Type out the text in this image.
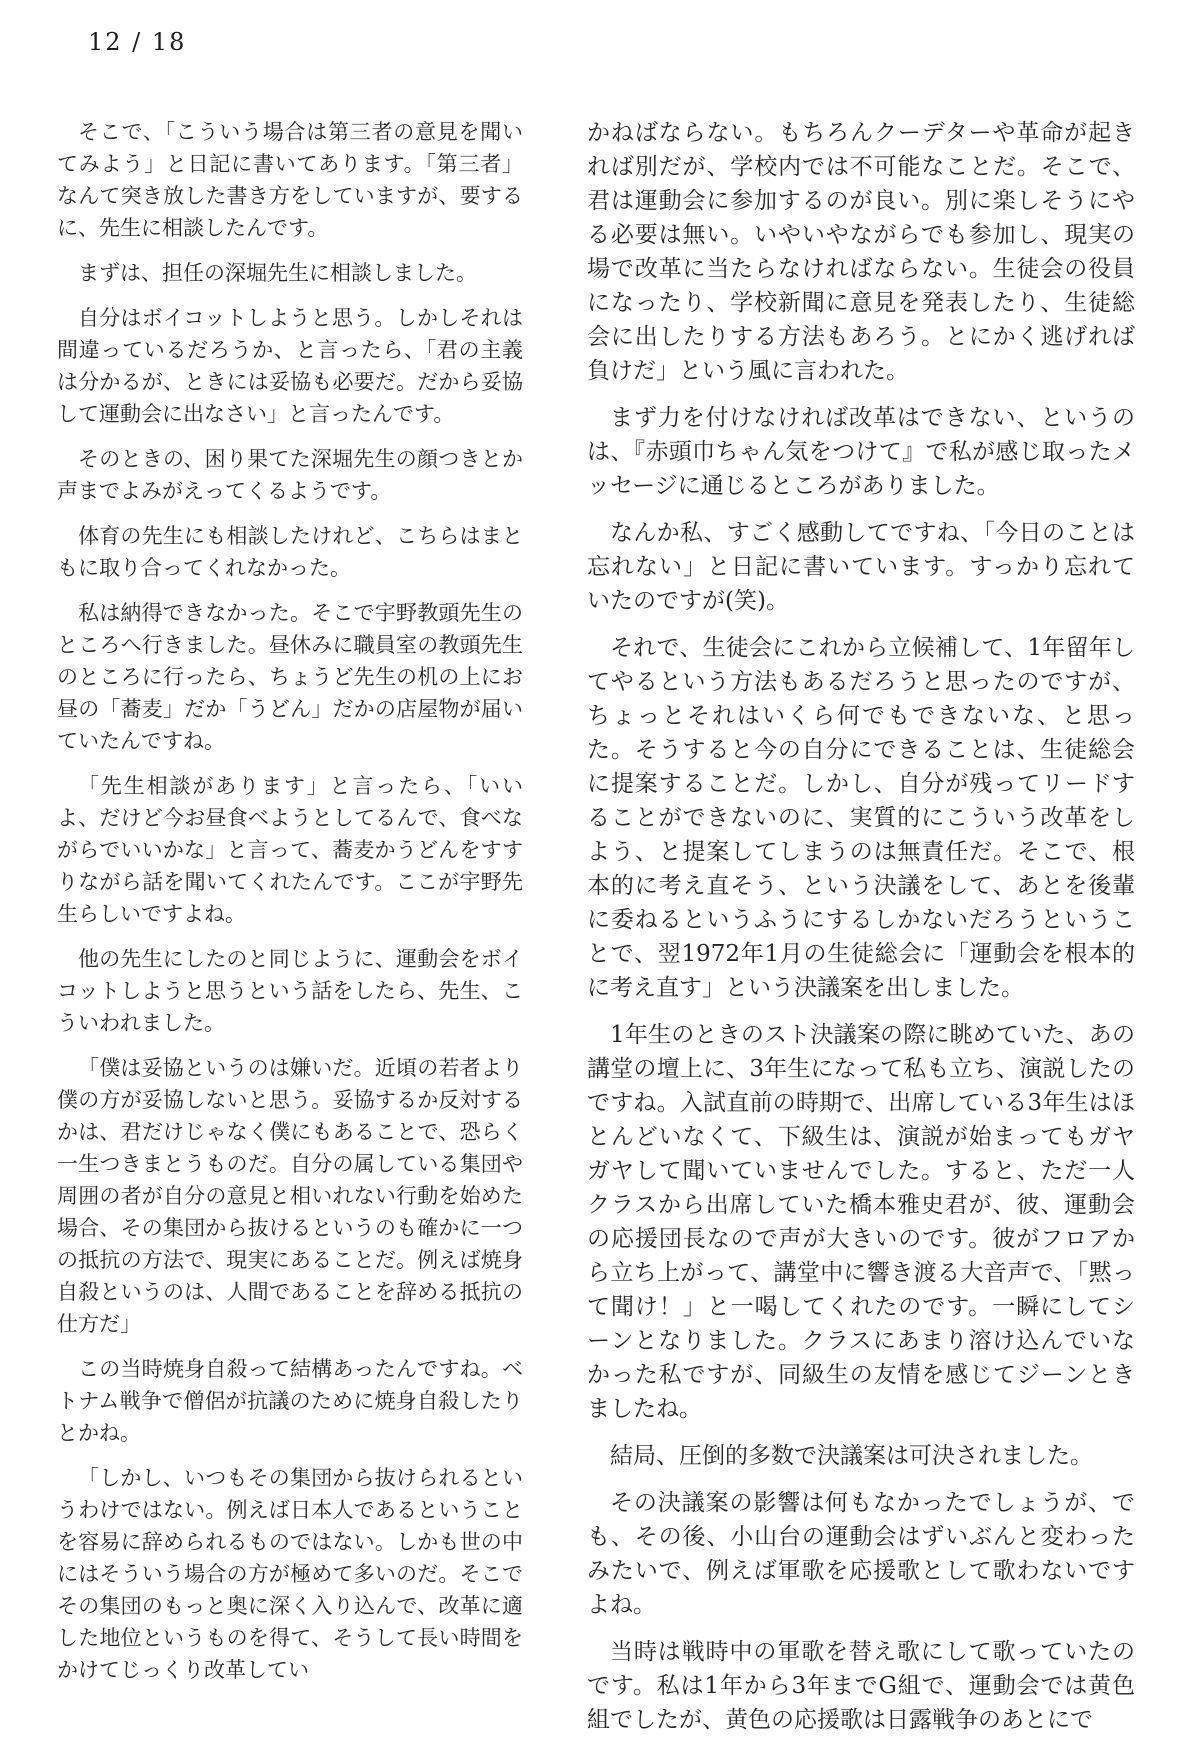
12 / 18

そこで、「こういう場合は第三者の意見を聞いてみよう」と日記に書いてあります。「第三者」なんて突き放した書き方をしていますが、要するに、先生に相談したんです。

まずは、担任の深堀先生に相談しました。

自分はボイコットしようと思う。しかしそれは間違っているだろうか、と言ったら、「君の主義は分かるが、ときには妥協も必要だ。だから妥協して運動会に出なさい」と言ったんです。

そのときの、困り果てた深堀先生の顔つきとか声までよみがえってくるようです。

体育の先生にも相談したけれど、こちらはまともに取り合ってくれなかった。

私は納得できなかった。そこで宇野教頭先生のところへ行きました。昼休みに職員室の教頭先生のところに行ったら、ちょうど先生の机の上にお昼の「蕎麦」だか「うどん」だかの店屋物が届いていたんですね。

「先生相談があります」と言ったら、「いいよ、だけど今お昼食べようとしてるんで、食べながらでいいかな」と言って、蕎麦かうどんをすすりながら話を聞いてくれたんです。ここが宇野先生らしいですよね。

他の先生にしたのと同じように、運動会をボイコットしようと思うという話をしたら、先生、こういわれました。

「僕は妥協というのは嫌いだ。近頃の若者より僕の方が妥協しないと思う。妥協するか反対するかは、君だけじゃなく僕にもあることで、恐らく一生つきまとうものだ。自分の属している集団や周囲の者が自分の意見と相いれない行動を始めた場合、その集団から抜けるというのも確かに一つの抵抗の方法で、現実にあることだ。例えば焼身自殺というのは、人間であることを辞める抵抗の仕方だ」

この当時焼身自殺って結構あったんですね。ベトナム戦争で僧侶が抗議のために焼身自殺したりとかね。

「しかし、いつもその集団から抜けられるというわけではない。例えば日本人であるということを容易に辞められるものではない。しかも世の中にはそういう場合の方が極めて多いのだ。そこでその集団のもっと奥に深く入り込んで、改革に適した地位というものを得て、そうして長い時間をかけてじっくり改革してい

かねばならない。もちろんクーデターや革命が起きれば別だが、学校内では不可能なことだ。そこで、君は運動会に参加するのが良い。別に楽しそうにやる必要は無い。いやいやながらでも参加し、現実の場で改革に当たらなければならない。生徒会の役員になったり、学校新聞に意見を発表したり、生徒総会に出したりする方法もあろう。とにかく逃げれば負けだ」という風に言われた。

まず力を付けなければ改革はできない、というのは、『赤頭巾ちゃん気をつけて』で私が感じ取ったメッセージに通じるところがありました。

なんか私、すごく感動してですね、「今日のことは忘れない」と日記に書いています。すっかり忘れていたのですが(笑)。

それで、生徒会にこれから立候補して、1年留年してやるという方法もあるだろうと思ったのですが、ちょっとそれはいくら何でもできないな、と思った。そうすると今の自分にできることは、生徒総会に提案することだ。しかし、自分が残ってリードすることができないのに、実質的にこういう改革をしよう、と提案してしまうのは無責任だ。そこで、根本的に考え直そう、という決議をして、あとを後輩に委ねるというふうにするしかないだろうということで、翌1972年1月の生徒総会に「運動会を根本的に考え直す」という決議案を出しました。

1年生のときのスト決議案の際に眺めていた、あの講堂の壇上に、3年生になって私も立ち、演説したのですね。入試直前の時期で、出席している3年生はほとんどいなくて、下級生は、演説が始まってもガヤガヤして聞いていませんでした。すると、ただ一人クラスから出席していた橋本雅史君が、彼、運動会の応援団長なので声が大きいのです。彼がフロアから立ち上がって、講堂中に響き渡る大音声で、「黙って聞け！」と一喝してくれたのです。一瞬にしてシーンとなりました。クラスにあまり溶け込んでいなかった私ですが、同級生の友情を感じてジーンときましたね。

結局、圧倒的多数で決議案は可決されました。

その決議案の影響は何もなかったでしょうが、でも、その後、小山台の運動会はずいぶんと変わったみたいで、例えば軍歌を応援歌として歌わないですよね。

当時は戦時中の軍歌を替え歌にして歌っていたのです。私は1年から3年までG組で、運動会では黄色組でしたが、黄色の応援歌は日露戦争のあとにで
